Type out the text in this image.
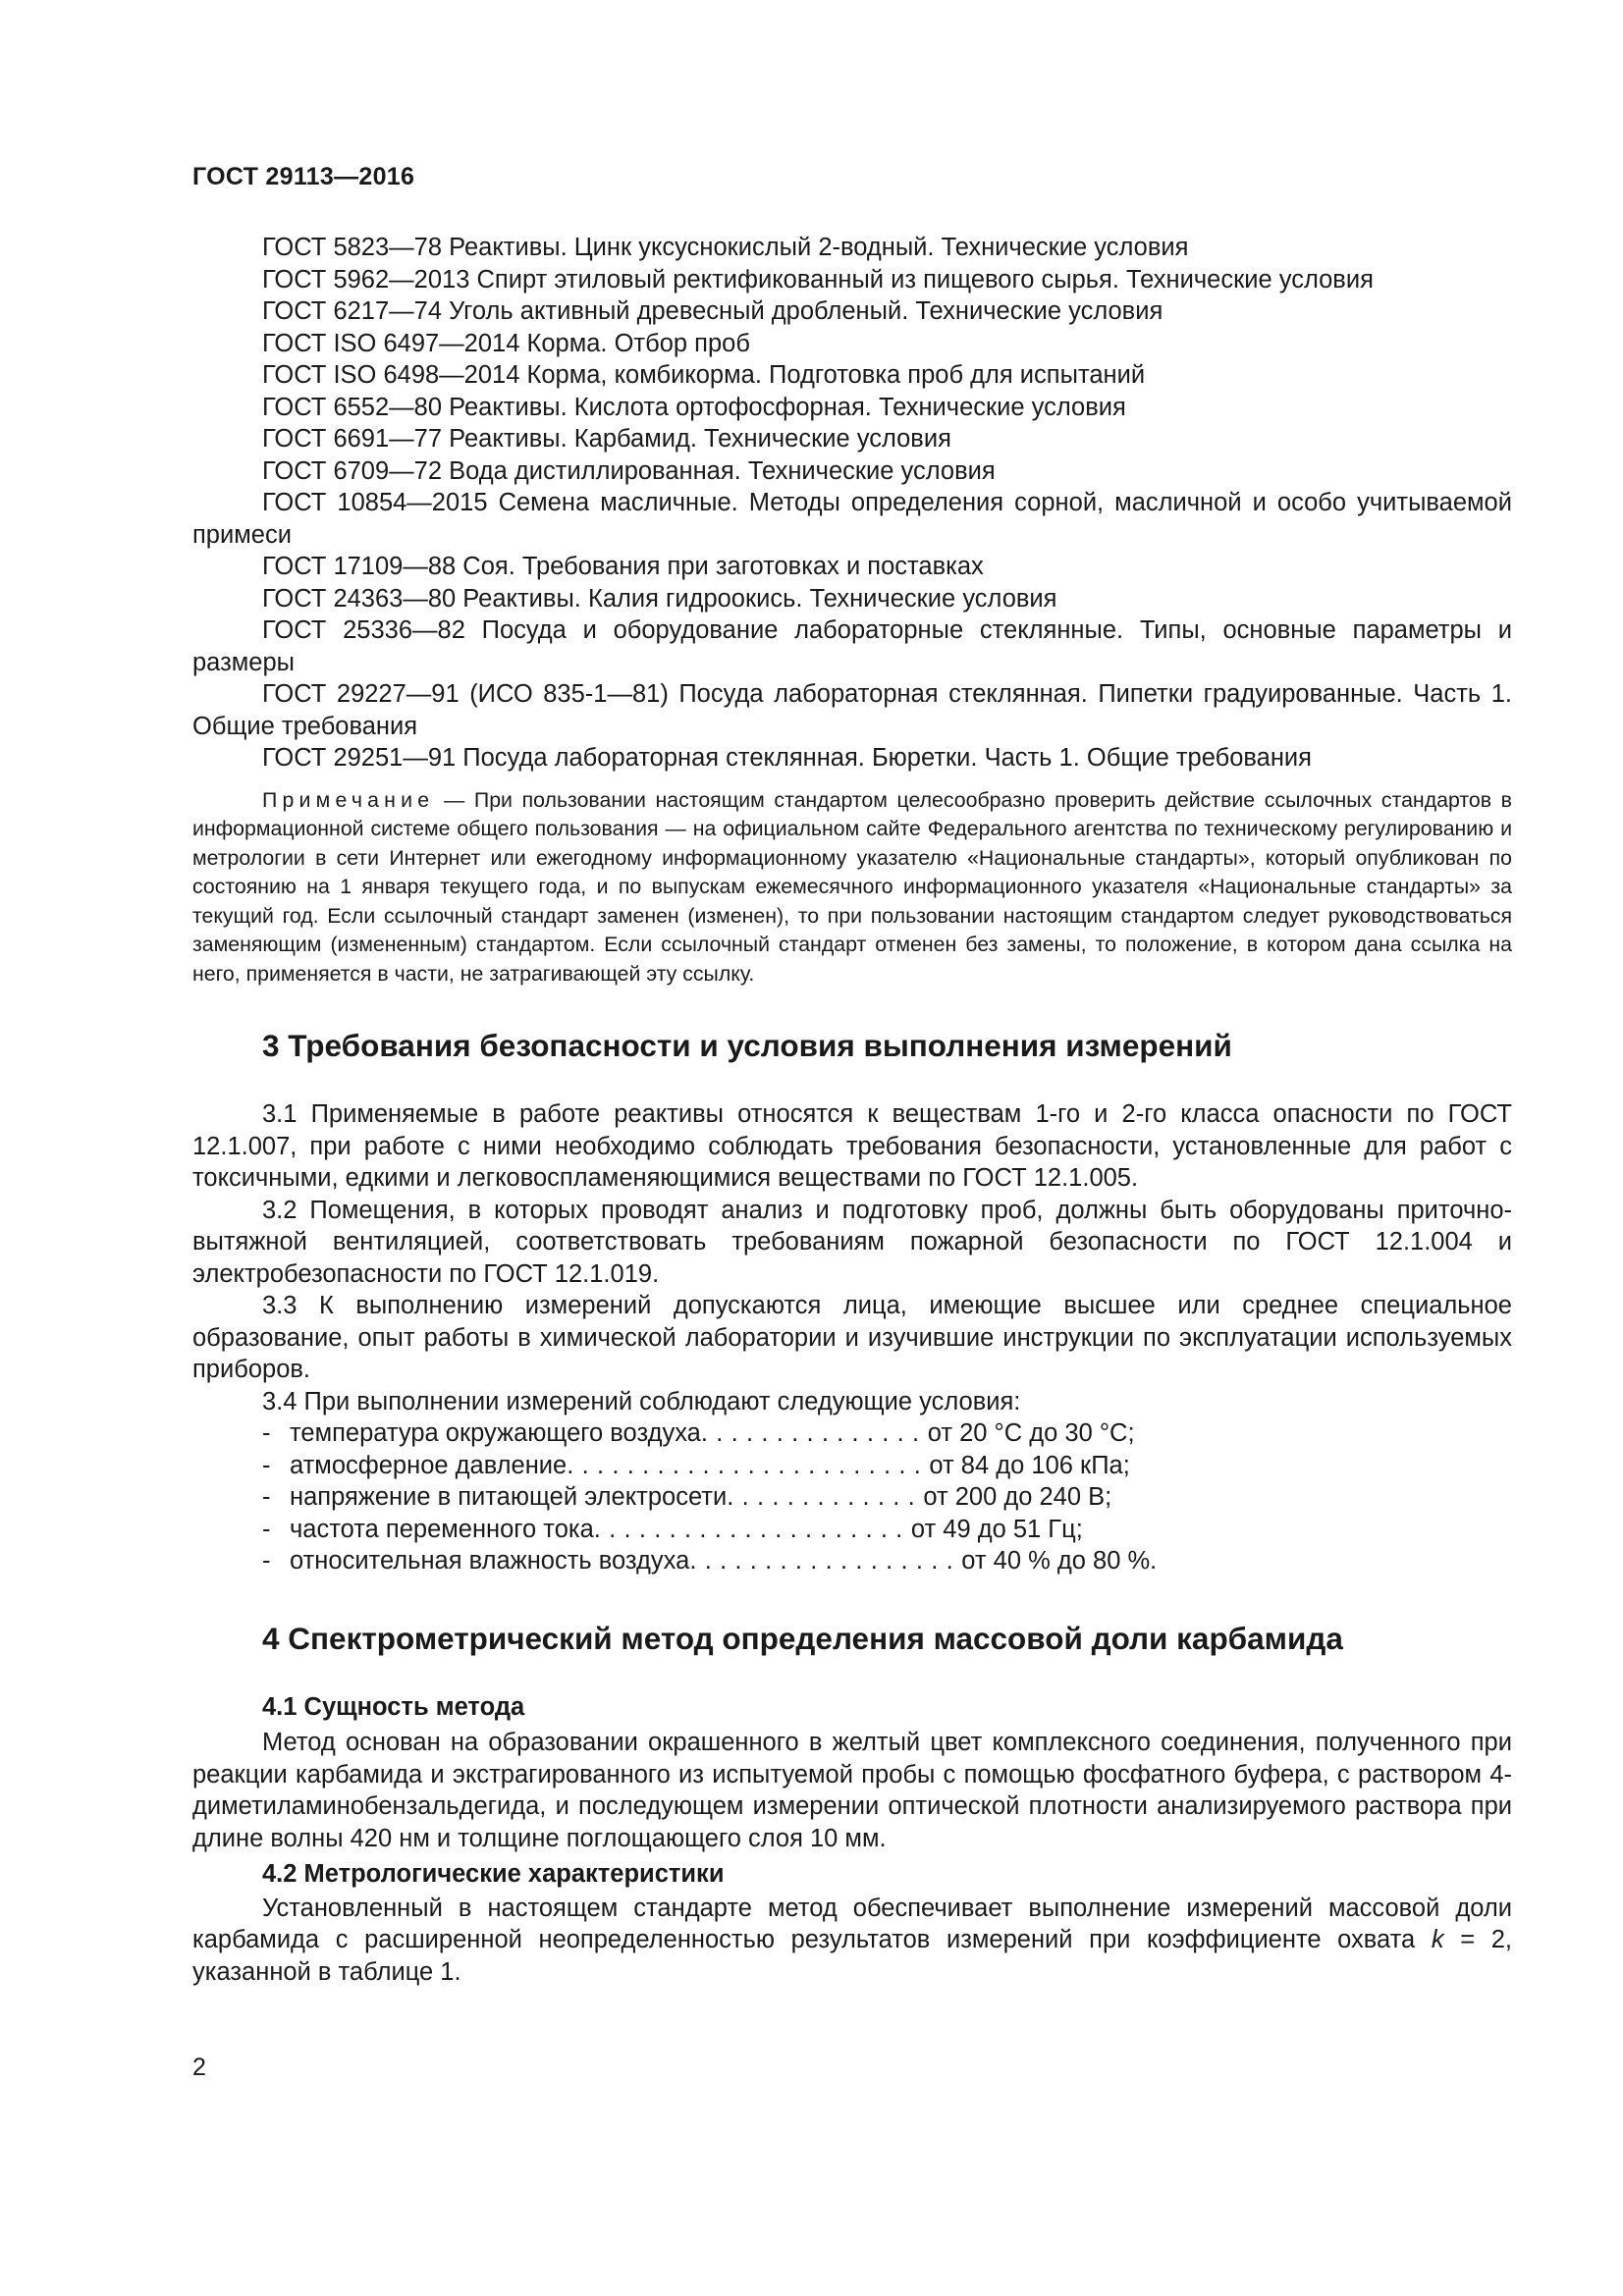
ГОСТ 29113—2016

ГОСТ 5823—78 Реактивы. Цинк уксуснокислый 2-водный. Технические условия

ГОСТ 5962—2013 Спирт этиловый ректификованный из пищевого сырья. Технические условия

ГОСТ 6217—74 Уголь активный древесный дробленый. Технические условия

ГОСТ ISO 6497—2014 Корма. Отбор проб

ГОСТ ISO 6498—2014 Корма, комбикорма. Подготовка проб для испытаний

ГОСТ 6552—80 Реактивы. Кислота ортофосфорная. Технические условия

ГОСТ 6691—77 Реактивы. Карбамид. Технические условия

ГОСТ 6709—72 Вода дистиллированная. Технические условия

ГОСТ 10854—2015 Семена масличные. Методы определения сорной, масличной и особо учитываемой примеси

ГОСТ 17109—88 Соя. Требования при заготовках и поставках

ГОСТ 24363—80 Реактивы. Калия гидроокись. Технические условия

ГОСТ 25336—82 Посуда и оборудование лабораторные стеклянные. Типы, основные параметры и размеры

ГОСТ 29227—91 (ИСО 835-1—81) Посуда лабораторная стеклянная. Пипетки градуированные. Часть 1. Общие требования

ГОСТ 29251—91 Посуда лабораторная стеклянная. Бюретки. Часть 1. Общие требования

Примечание — При пользовании настоящим стандартом целесообразно проверить действие ссылочных стандартов в информационной системе общего пользования — на официальном сайте Федерального агентства по техническому регулированию и метрологии в сети Интернет или ежегодному информационному указателю «Национальные стандарты», который опубликован по состоянию на 1 января текущего года, и по выпускам ежемесячного информационного указателя «Национальные стандарты» за текущий год. Если ссылочный стандарт заменен (изменен), то при пользовании настоящим стандартом следует руководствоваться заменяющим (измененным) стандартом. Если ссылочный стандарт отменен без замены, то положение, в котором дана ссылка на него, применяется в части, не затрагивающей эту ссылку.

3 Требования безопасности и условия выполнения измерений

3.1 Применяемые в работе реактивы относятся к веществам 1-го и 2-го класса опасности по ГОСТ 12.1.007, при работе с ними необходимо соблюдать требования безопасности, установленные для работ с токсичными, едкими и легковоспламеняющимися веществами по ГОСТ 12.1.005.

3.2 Помещения, в которых проводят анализ и подготовку проб, должны быть оборудованы приточно-вытяжной вентиляцией, соответствовать требованиям пожарной безопасности по ГОСТ 12.1.004 и электробезопасности по ГОСТ 12.1.019.

3.3 К выполнению измерений допускаются лица, имеющие высшее или среднее специальное образование, опыт работы в химической лаборатории и изучившие инструкции по эксплуатации используемых приборов.

3.4 При выполнении измерений соблюдают следующие условия:

- температура окружающего воздуха . . . . . . . . . . . . . . . от 20 °С до 30 °С;
- атмосферное давление . . . . . . . . . . . . . . . . . . . . . . . . от 84 до 106 кПа;
- напряжение в питающей электросети . . . . . . . . . . . . . от 200 до 240 В;
- частота переменного тока . . . . . . . . . . . . . . . . . . . . . от 49 до 51 Гц;
- относительная влажность воздуха . . . . . . . . . . . . . . . . . . от 40 % до 80 %.
4 Спектрометрический метод определения массовой доли карбамида
4.1 Сущность метода

Метод основан на образовании окрашенного в желтый цвет комплексного соединения, полученного при реакции карбамида и экстрагированного из испытуемой пробы с помощью фосфатного буфера, с раствором 4-диметиламинобензальдегида, и последующем измерении оптической плотности анализируемого раствора при длине волны 420 нм и толщине поглощающего слоя 10 мм.

4.2 Метрологические характеристики

Установленный в настоящем стандарте метод обеспечивает выполнение измерений массовой доли карбамида с расширенной неопределенностью результатов измерений при коэффициенте охвата k = 2, указанной в таблице 1.

2
